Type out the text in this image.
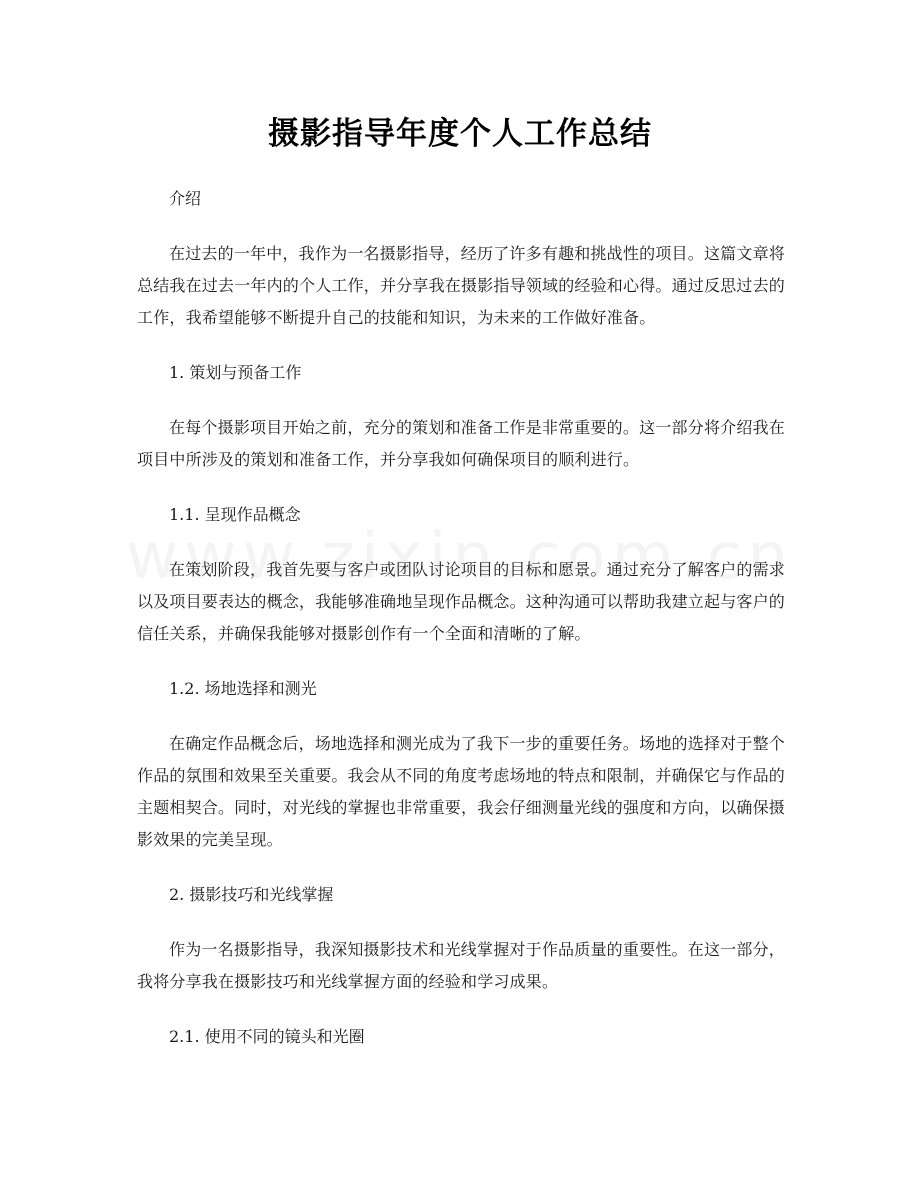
摄影指导年度个人工作总结

介绍

在过去的一年中，我作为一名摄影指导，经历了许多有趣和挑战性的项目。这篇文章将总结我在过去一年内的个人工作，并分享我在摄影指导领域的经验和心得。通过反思过去的工作，我希望能够不断提升自己的技能和知识，为未来的工作做好准备。

1. 策划与预备工作

在每个摄影项目开始之前，充分的策划和准备工作是非常重要的。这一部分将介绍我在项目中所涉及的策划和准备工作，并分享我如何确保项目的顺利进行。

1.1. 呈现作品概念

在策划阶段，我首先要与客户或团队讨论项目的目标和愿景。通过充分了解客户的需求以及项目要表达的概念，我能够准确地呈现作品概念。这种沟通可以帮助我建立起与客户的信任关系，并确保我能够对摄影创作有一个全面和清晰的了解。

1.2. 场地选择和测光

在确定作品概念后，场地选择和测光成为了我下一步的重要任务。场地的选择对于整个作品的氛围和效果至关重要。我会从不同的角度考虑场地的特点和限制，并确保它与作品的主题相契合。同时，对光线的掌握也非常重要，我会仔细测量光线的强度和方向，以确保摄影效果的完美呈现。

2. 摄影技巧和光线掌握

作为一名摄影指导，我深知摄影技术和光线掌握对于作品质量的重要性。在这一部分，我将分享我在摄影技巧和光线掌握方面的经验和学习成果。

2.1. 使用不同的镜头和光圈
